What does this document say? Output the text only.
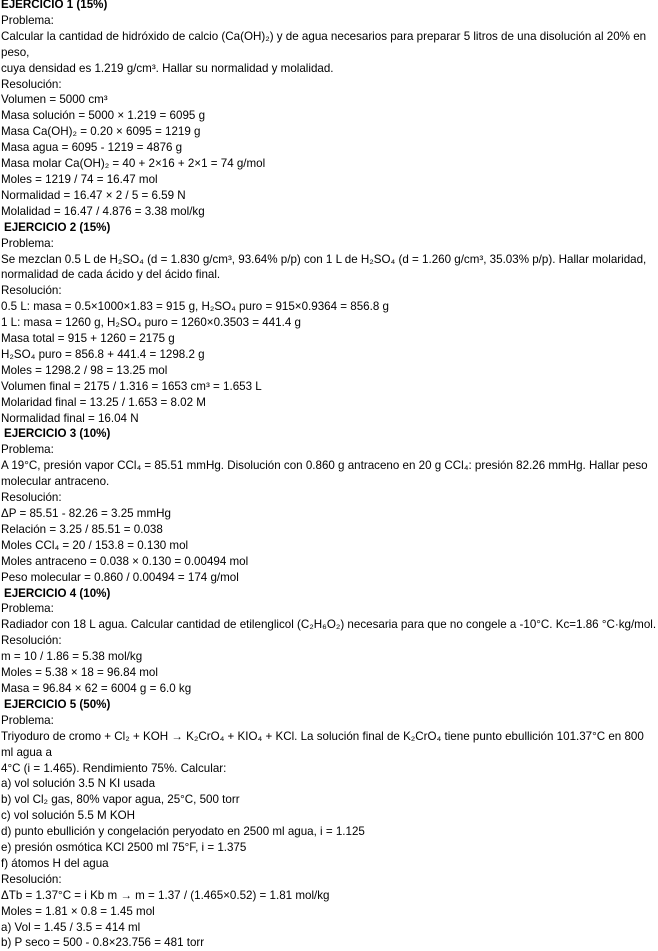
EJERCICIO 1 (15%)
Problema:
Calcular la cantidad de hidróxido de calcio (Ca(OH)₂) y de agua necesarios para preparar 5 litros de una disolución al 20% en peso,
cuya densidad es 1.219 g/cm³. Hallar su normalidad y molalidad.
Resolución:
Volumen = 5000 cm³
Masa solución = 5000 × 1.219 = 6095 g
Masa Ca(OH)₂ = 0.20 × 6095 = 1219 g
Masa agua = 6095 - 1219 = 4876 g
Masa molar Ca(OH)₂ = 40 + 2×16 + 2×1 = 74 g/mol
Moles = 1219 / 74 = 16.47 mol
Normalidad = 16.47 × 2 / 5 = 6.59 N
Molalidad = 16.47 / 4.876 = 3.38 mol/kg
EJERCICIO 2 (15%)
Problema:
Se mezclan 0.5 L de H₂SO₄ (d = 1.830 g/cm³, 93.64% p/p) con 1 L de H₂SO₄ (d = 1.260 g/cm³, 35.03% p/p). Hallar molaridad,
normalidad de cada ácido y del ácido final.
Resolución:
0.5 L: masa = 0.5×1000×1.83 = 915 g, H₂SO₄ puro = 915×0.9364 = 856.8 g
1 L: masa = 1260 g, H₂SO₄ puro = 1260×0.3503 = 441.4 g
Masa total = 915 + 1260 = 2175 g
H₂SO₄ puro = 856.8 + 441.4 = 1298.2 g
Moles = 1298.2 / 98 = 13.25 mol
Volumen final = 2175 / 1.316 = 1653 cm³ = 1.653 L
Molaridad final = 13.25 / 1.653 = 8.02 M
Normalidad final = 16.04 N
EJERCICIO 3 (10%)
Problema:
A 19°C, presión vapor CCl₄ = 85.51 mmHg. Disolución con 0.860 g antraceno en 20 g CCl₄: presión 82.26 mmHg. Hallar peso
molecular antraceno.
Resolución:
ΔP = 85.51 - 82.26 = 3.25 mmHg
Relación = 3.25 / 85.51 = 0.038
Moles CCl₄ = 20 / 153.8 = 0.130 mol
Moles antraceno = 0.038 × 0.130 = 0.00494 mol
Peso molecular = 0.860 / 0.00494 = 174 g/mol
EJERCICIO 4 (10%)
Problema:
Radiador con 18 L agua. Calcular cantidad de etilenglicol (C₂H₆O₂) necesaria para que no congele a -10°C. Kc=1.86 °C·kg/mol.
Resolución:
m = 10 / 1.86 = 5.38 mol/kg
Moles = 5.38 × 18 = 96.84 mol
Masa = 96.84 × 62 = 6004 g = 6.0 kg
EJERCICIO 5 (50%)
Problema:
Triyoduro de cromo + Cl₂ + KOH → K₂CrO₄ + KIO₄ + KCl. La solución final de K₂CrO₄ tiene punto ebullición 101.37°C en 800 ml agua a
4°C (i = 1.465). Rendimiento 75%. Calcular:
a) vol solución 3.5 N KI usada
b) vol Cl₂ gas, 80% vapor agua, 25°C, 500 torr
c) vol solución 5.5 M KOH
d) punto ebullición y congelación peryodato en 2500 ml agua, i = 1.125
e) presión osmótica KCl 2500 ml 75°F, i = 1.375
f) átomos H del agua
Resolución:
ΔTb = 1.37°C = i Kb m → m = 1.37 / (1.465×0.52) = 1.81 mol/kg
Moles = 1.81 × 0.8 = 1.45 mol
a) Vol = 1.45 / 3.5 = 414 ml
b) P seco = 500 - 0.8×23.756 = 481 torr
